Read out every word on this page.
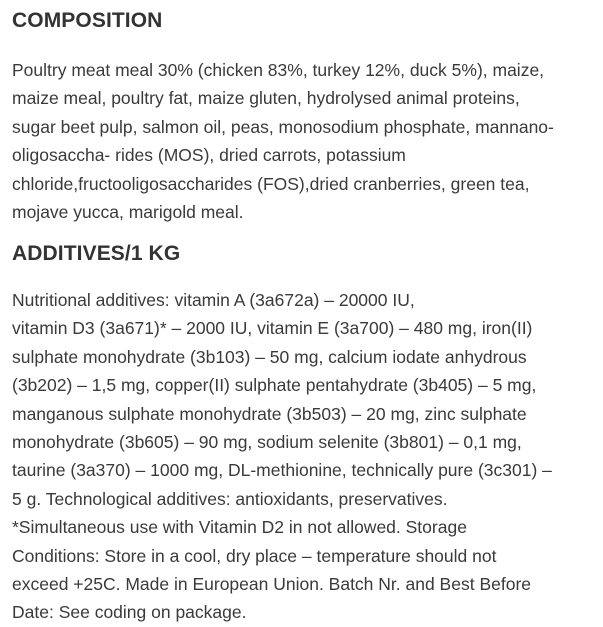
COMPOSITION
Poultry meat meal 30% (chicken 83%, turkey 12%, duck 5%), maize,
maize meal, poultry fat, maize gluten, hydrolysed animal proteins,
sugar beet pulp, salmon oil, peas, monosodium phosphate, mannano-
oligosaccha- rides (MOS), dried carrots, potassium
chloride,fructooligosaccharides (FOS),dried cranberries, green tea,
mojave yucca, marigold meal.
ADDITIVES/1 KG
Nutritional additives: vitamin A (3a672a) – 20000 IU,
vitamin D3 (3a671)* – 2000 IU, vitamin E (3a700) – 480 mg, iron(II)
sulphate monohydrate (3b103) – 50 mg, calcium iodate anhydrous
(3b202) – 1,5 mg, copper(II) sulphate pentahydrate (3b405) – 5 mg,
manganous sulphate monohydrate (3b503) – 20 mg, zinc sulphate
monohydrate (3b605) – 90 mg, sodium selenite (3b801) – 0,1 mg,
taurine (3a370) – 1000 mg, DL-methionine, technically pure (3c301) –
5 g. Technological additives: antioxidants, preservatives.
*Simultaneous use with Vitamin D2 in not allowed. Storage
Conditions: Store in a cool, dry place – temperature should not
exceed +25C. Made in European Union. Batch Nr. and Best Before
Date: See coding on package.
